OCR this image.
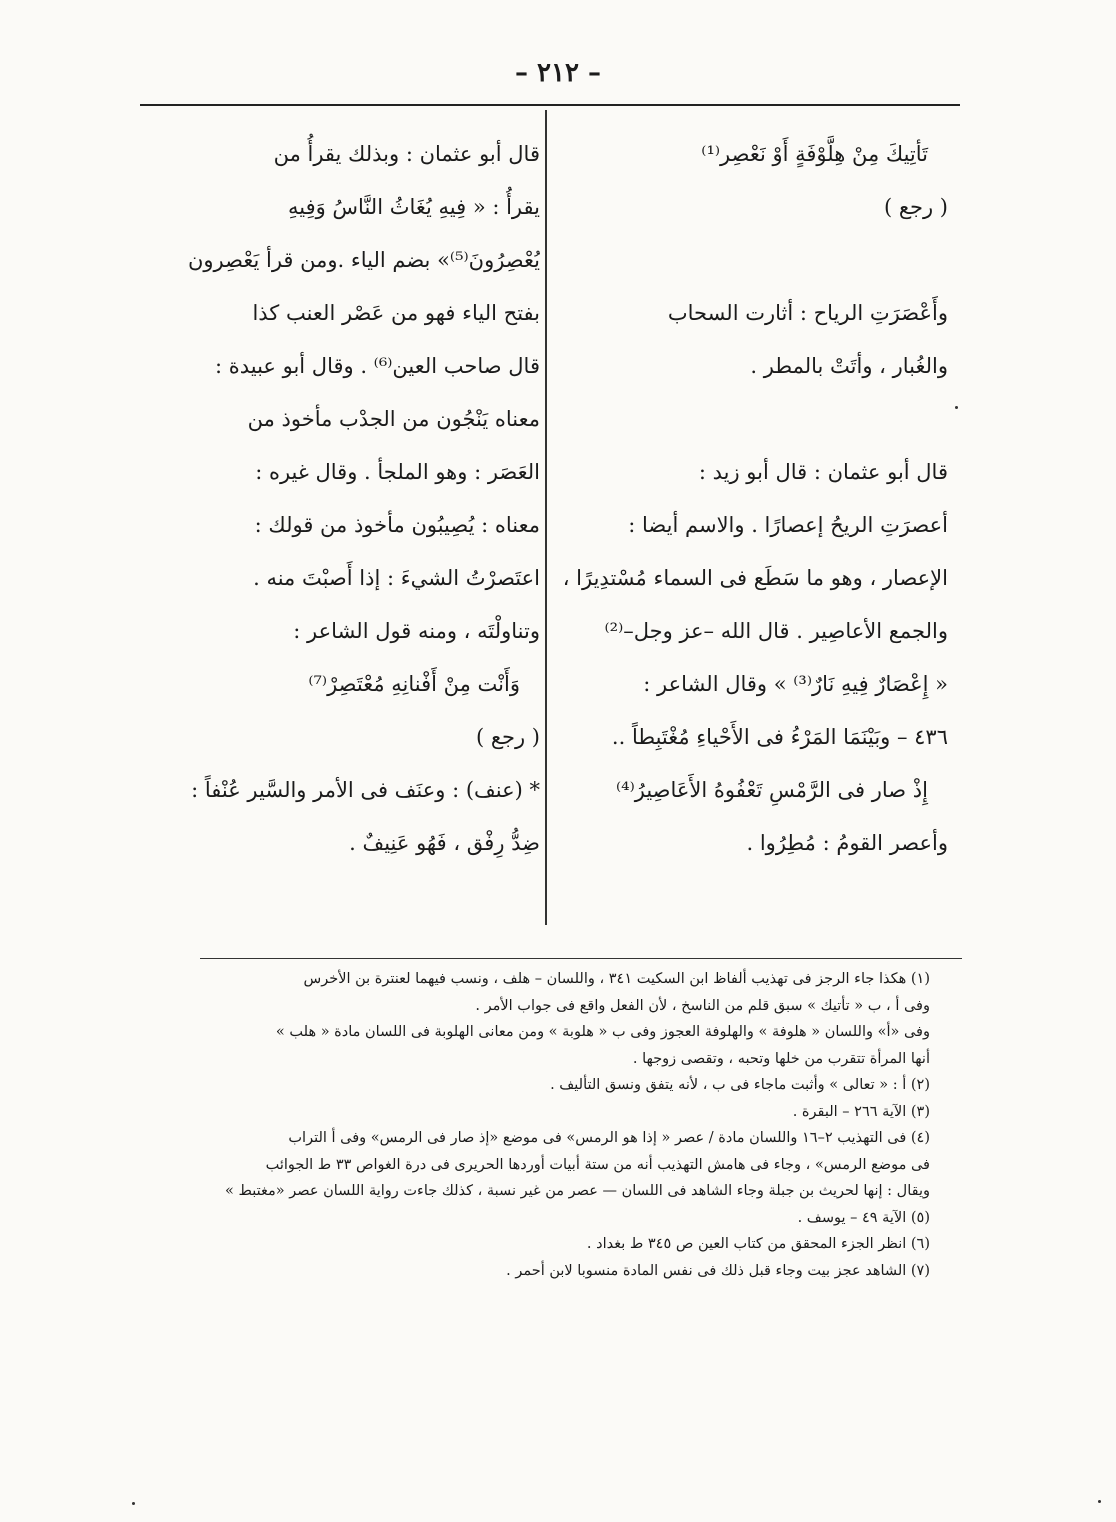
– ٢١٢ –
تَأتِيكَ مِنْ هِلَّوْفَةٍ أَوْ نَعْصِر⁽¹⁾
( رجع )
وأَعْصَرَتِ الرياح : أثارت السحاب
والغُبار ، وأتَتْ بالمطر .
قال أبو عثمان : قال أبو زيد :
أعصرَتِ الريحُ إعصارًا . والاسم أيضا :
الإعصار ، وهو ما سَطَع فى السماء مُسْتدِيرًا ،
والجمع الأعاصِير . قال الله –عز وجل–⁽²⁾
« إِعْصَارٌ فِيهِ نَارٌ⁽³⁾ » وقال الشاعر :
٤٣٦ – وبَيْنَمَا المَرْءُ فى الأَحْياءِ مُغْتَبِطاً ..
إِذْ صار فى الرَّمْسِ تَعْفُوهُ الأَعَاصِيرُ⁽⁴⁾
وأعصر القومُ : مُطِرُوا .
قال أبو عثمان : وبذلك يقرأُ من
يقرأُ : « فِيهِ يُغَاثُ النَّاسُ وَفِيهِ
يُعْصِرُونَ⁽⁵⁾» بضم الياء .ومن قرأ يَعْصِرون
بفتح الياء فهو من عَصْر العنب كذا
قال صاحب العين⁽⁶⁾ . وقال أبو عبيدة :
معناه يَنْجُون من الجدْب مأخوذ من
العَصَر : وهو الملجأ . وقال غيره :
معناه : يُصِيبُون مأخوذ من قولك :
اعتَصرْتُ الشيءَ : إذا أَصبْتَ منه .
وتناولْتَه ، ومنه قول الشاعر :
وَأَنْت مِنْ أَفْنانِهِ مُعْتَصِرْ⁽⁷⁾
( رجع )
* (عنف) : وعنَف فى الأمر والسَّير عُنْفاً :
ضِدُّ رِفْق ، فَهُو عَنِيفٌ .
(١) هكذا جاء الرجز فى تهذيب ألفاظ ابن السكيت ٣٤١ ، واللسان – هلف ، ونسب فيهما لعنترة بن الأخرس
وفى أ ، ب « تأتيك » سبق قلم من الناسخ ، لأن الفعل واقع فى جواب الأمر .
وفى «أ» واللسان « هلوفة » والهلوفة العجوز وفى ب « هلوبة » ومن معانى الهلوبة فى اللسان مادة « هلب »
أنها المرأة تتقرب من خلها وتحبه ، وتقصى زوجها .
(٢) أ : « تعالى » وأثبت ماجاء فى ب ، لأنه يتفق ونسق التأليف .
(٣) الآية ٢٦٦ – البقرة .
(٤) فى التهذيب ٢–١٦ واللسان مادة / عصر « إذا هو الرمس» فى موضع «إذ صار فى الرمس» وفى أ التراب
فى موضع الرمس» ، وجاء فى هامش التهذيب أنه من ستة أبيات أوردها الحريرى فى درة الغواص ٣٣ ط الجوائب
ويقال : إنها لحريث بن جبلة وجاء الشاهد فى اللسان — عصر من غير نسبة ، كذلك جاءت رواية اللسان عصر «مغتبط »
(٥) الآية ٤٩ – يوسف .
(٦) انظر الجزء المحقق من كتاب العين ص ٣٤٥ ط بغداد .
(٧) الشاهد عجز بيت وجاء قبل ذلك فى نفس المادة منسوبا لابن أحمر .
